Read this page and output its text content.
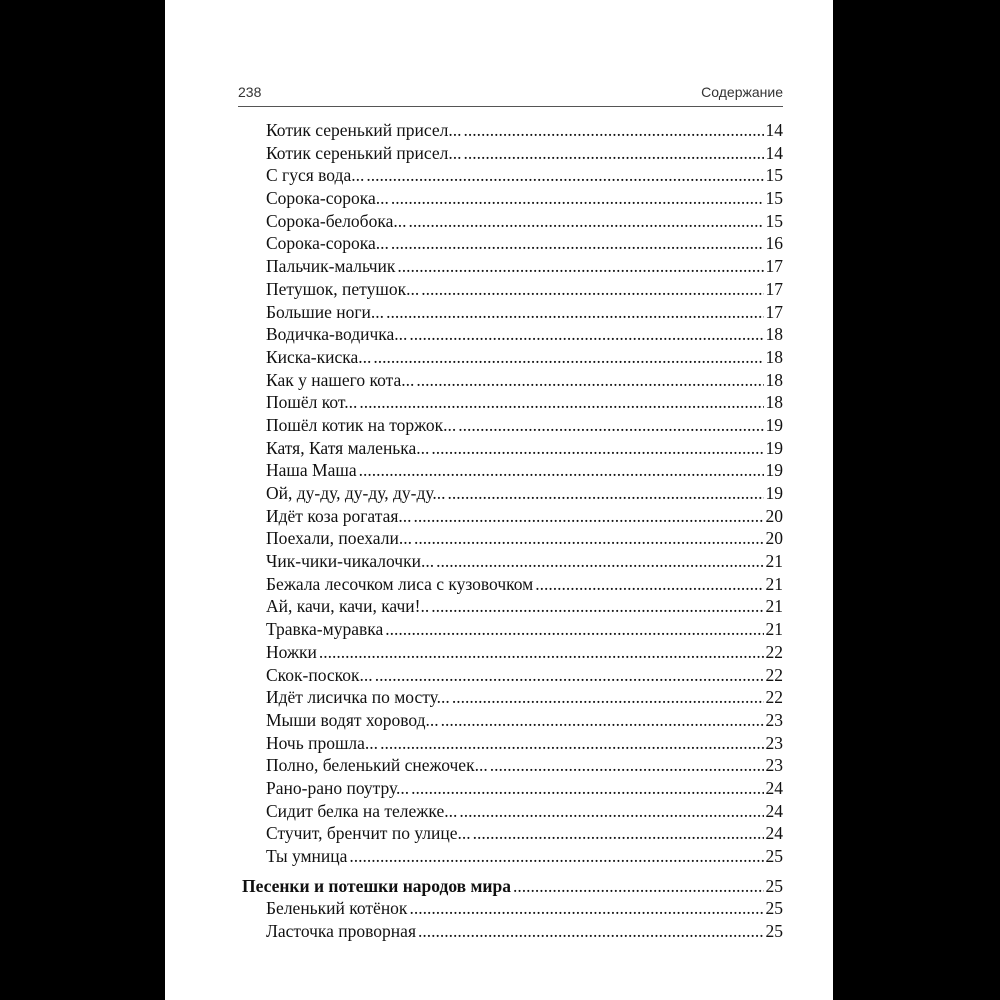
238	Содержание
Котик серенький присел... .....	14
Котик серенький присел... .....	14
С гуся вода... .....	15
Сорока-сорока... .....	15
Сорока-белобока... .....	15
Сорока-сорока... .....	16
Пальчик-мальчик .....	17
Петушок, петушок... .....	17
Большие ноги... .....	17
Водичка-водичка... .....	18
Киска-киска... .....	18
Как у нашего кота... .....	18
Пошёл кот... .....	18
Пошёл котик на торжок... .....	19
Катя, Катя маленька... .....	19
Наша Маша .....	19
Ой, ду-ду, ду-ду, ду-ду... .....	19
Идёт коза рогатая... .....	20
Поехали, поехали... .....	20
Чик-чики-чикалочки... .....	21
Бежала лесочком лиса с кузовочком .....	21
Ай, качи, качи, качи!.. .....	21
Травка-муравка .....	21
Ножки .....	22
Скок-поскок... .....	22
Идёт лисичка по мосту... .....	22
Мыши водят хоровод... .....	23
Ночь прошла... .....	23
Полно, беленький снежочек... .....	23
Рано-рано поутру... .....	24
Сидит белка на тележке... .....	24
Стучит, бренчит по улице... .....	24
Ты умница .....	25
Песенки и потешки народов мира .....	25
Беленький котёнок .....	25
Ласточка проворная .....	25
